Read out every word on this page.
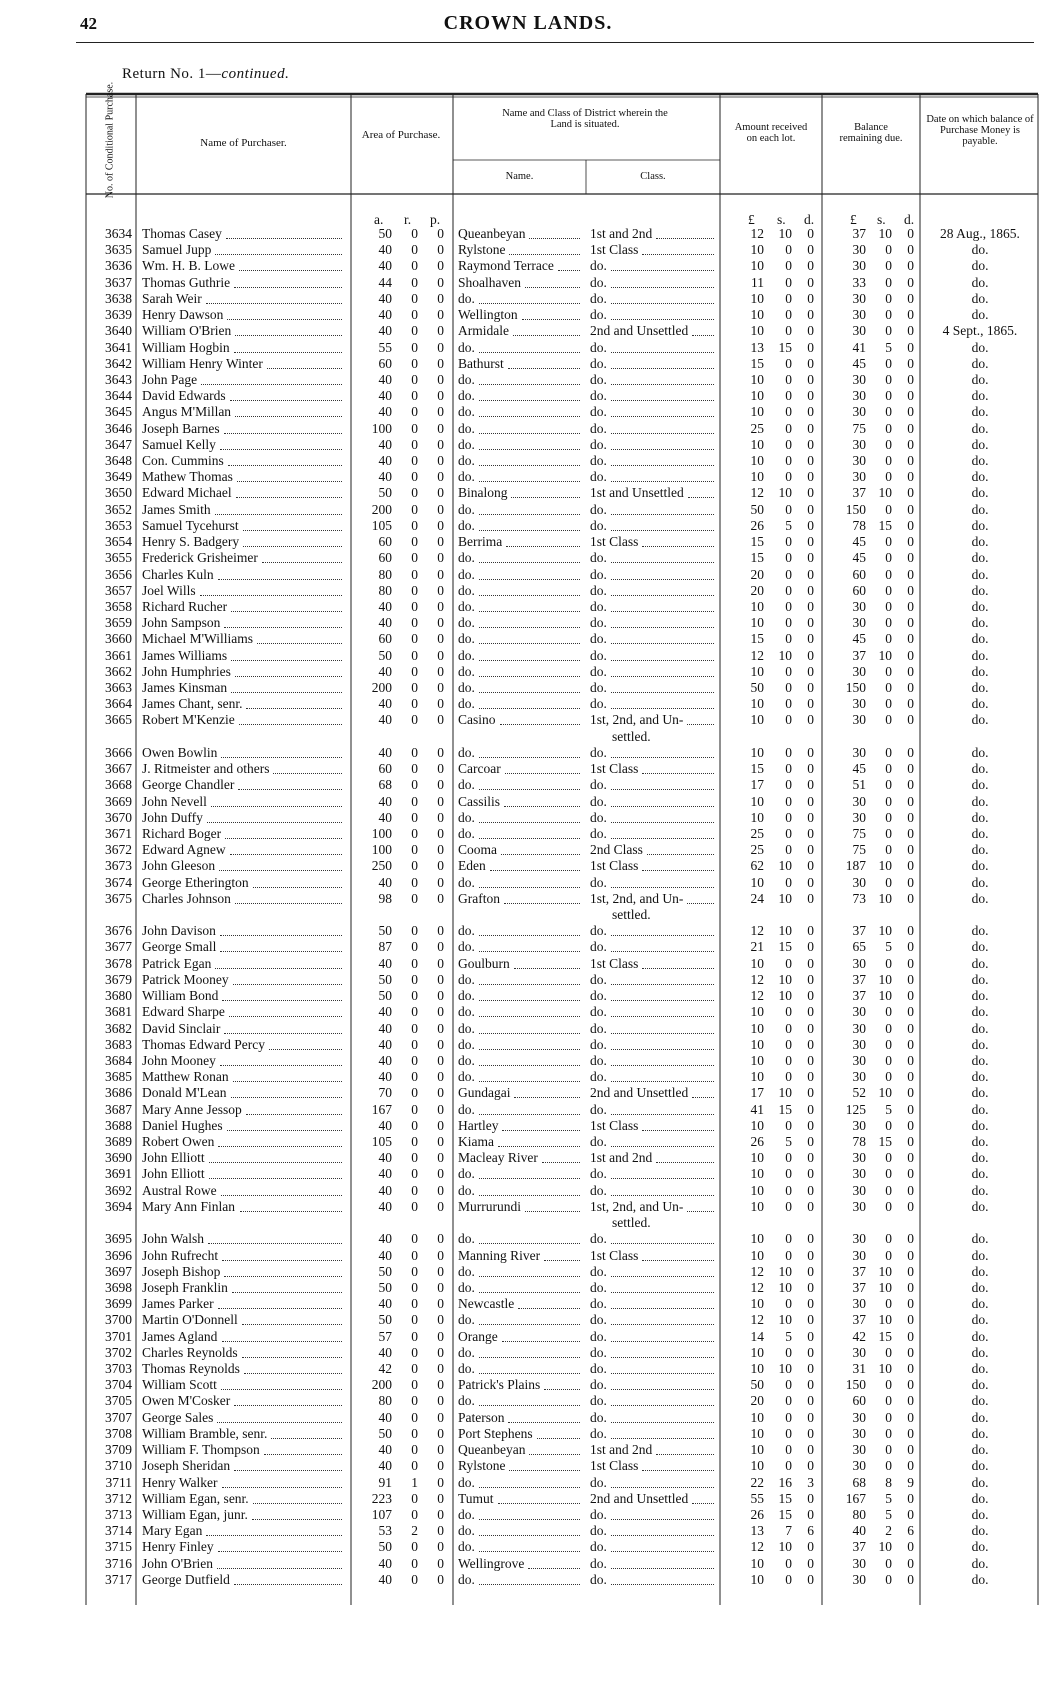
42	CROWN LANDS.
Return No. 1—continued.
No. of Conditional Purchase.	Name of Purchaser.
Area of Purchase.
Name and Class of District wherein the Land is situated.
Name.	Class.
Amount received on each lot.
Balance remaining due.
Date on which balance of Purchase Money is payable.
a. r. p.	£ s. d.	£ s. d.
3634 Thomas Casey	50	0	0 Queanbeyan	1st and 2nd	12	10	0	37 10	0	28 Aug., 1865.
3635 Samuel Jupp	40	0	0 Rylstone	1st Class	10	0	0	30	0	0	do.
3636 Wm. H. B. Lowe	40	0	0 Raymond Terrace	do.	10	0	0	30	0	0	do.
3637 Thomas Guthrie	44	0	0 Shoalhaven	do.	11	0	0	33	0	0	do.
3638 Sarah Weir	40	0	0 do.	do.	10	0	0	30	0	0	do.
3639 Henry Dawson	40	0	0 Wellington	do.	10	0	0	30	0	0	do.
3640 William O'Brien	40	0	0 Armidale	2nd and Unsettled	10	0	0	30	0	0	4 Sept., 1865.
3641 William Hogbin	55	0	0 do.	do.	13	15	0	41	5	0	do.
3642 William Henry Winter	60	0	0 Bathurst	do.	15	0	0	45	0	0	do.
3643 John Page	40	0	0 do.	do.	10	0	0	30	0	0	do.
3644 David Edwards	40	0	0 do.	do.	10	0	0	30	0	0	do.
3645 Angus M'Millan	40	0	0 do.	do.	10	0	0	30	0	0	do.
3646 Joseph Barnes	100	0	0 do.	do.	25	0	0	75	0	0	do.
3647 Samuel Kelly	40	0	0 do.	do.	10	0	0	30	0	0	do.
3648 Con. Cummins	40	0	0 do.	do.	10	0	0	30	0	0	do.
3649 Mathew Thomas	40	0	0 do.	do.	10	0	0	30	0	0	do.
3650 Edward Michael	50	0	0 Binalong	1st and Unsettled	12	10	0	37 10	0	do.
3652 James Smith	200	0	0 do.	do.	50	0	0	150	0	0	do.
3653 Samuel Tycehurst	105	0	0 do.	do.	26	5	0	78 15	0	do.
3654 Henry S. Badgery	60	0	0 Berrima	1st Class	15	0	0	45	0	0	do.
3655 Frederick Grisheimer	60	0	0 do.	do.	15	0	0	45	0	0	do.
3656 Charles Kuln	80	0	0 do.	do.	20	0	0	60	0	0	do.
3657 Joel Wills	80	0	0 do.	do.	20	0	0	60	0	0	do.
3658 Richard Rucher	40	0	0 do.	do.	10	0	0	30	0	0	do.
3659 John Sampson	40	0	0 do.	do.	10	0	0	30	0	0	do.
3660 Michael M'Williams	60	0	0 do.	do.	15	0	0	45	0	0	do.
3661 James Williams	50	0	0 do.	do.	12	10	0	37 10	0	do.
3662 John Humphries	40	0	0 do.	do.	10	0	0	30	0	0	do.
3663 James Kinsman	200	0	0 do.	do.	50	0	0	150	0	0	do.
3664 James Chant, senr.	40	0	0 do.	do.	10	0	0	30	0	0	do.
3665 Robert M'Kenzie	40	0	0 Casino	1st, 2nd, and Un-	10	0	0	30	0	0	do.
settled.
3666 Owen Bowlin	40	0	0 do.	do.	10	0	0	30	0	0	do.
3667 J. Ritmeister and others	60	0	0 Carcoar	1st Class	15	0	0	45	0	0	do.
3668 George Chandler	68	0	0 do.	do.	17	0	0	51	0	0	do.
3669 John Nevell	40	0	0 Cassilis	do.	10	0	0	30	0	0	do.
3670 John Duffy	40	0	0 do.	do.	10	0	0	30	0	0	do.
3671 Richard Boger	100	0	0 do.	do.	25	0	0	75	0	0	do.
3672 Edward Agnew	100	0	0 Cooma	2nd Class	25	0	0	75	0	0	do.
3673 John Gleeson	250	0	0 Eden	1st Class	62	10	0	187 10	0	do.
3674 George Etherington	40	0	0 do.	do.	10	0	0	30	0	0	do.
3675 Charles Johnson	98	0	0 Grafton	1st, 2nd, and Un-	24	10	0	73 10	0	do.
settled.
3676 John Davison	50	0	0 do.	do.	12	10	0	37 10	0	do.
3677 George Small	87	0	0 do.	do.	21	15	0	65	5	0	do.
3678 Patrick Egan	40	0	0 Goulburn	1st Class	10	0	0	30	0	0	do.
3679 Patrick Mooney	50	0	0 do.	do.	12	10	0	37 10	0	do.
3680 William Bond	50	0	0 do.	do.	12	10	0	37 10	0	do.
3681 Edward Sharpe	40	0	0 do.	do.	10	0	0	30	0	0	do.
3682 David Sinclair	40	0	0 do.	do.	10	0	0	30	0	0	do.
3683 Thomas Edward Percy	40	0	0 do.	do.	10	0	0	30	0	0	do.
3684 John Mooney	40	0	0 do.	do.	10	0	0	30	0	0	do.
3685 Matthew Ronan	40	0	0 do.	do.	10	0	0	30	0	0	do.
3686 Donald M'Lean	70	0	0 Gundagai	2nd and Unsettled	17	10	0	52 10	0	do.
3687 Mary Anne Jessop	167	0	0 do.	do.	41	15	0	125	5	0	do.
3688 Daniel Hughes	40	0	0 Hartley	1st Class	10	0	0	30	0	0	do.
3689 Robert Owen	105	0	0 Kiama	do.	26	5	0	78 15	0	do.
3690 John Elliott	40	0	0 Macleay River	1st and 2nd	10	0	0	30	0	0	do.
3691 John Elliott	40	0	0 do.	do.	10	0	0	30	0	0	do.
3692 Austral Rowe	40	0	0 do.	do.	10	0	0	30	0	0	do.
3694 Mary Ann Finlan	40	0	0 Murrurundi	1st, 2nd, and Un-	10	0	0	30	0	0	do.
settled.
3695 John Walsh	40	0	0 do.	do.	10	0	0	30	0	0	do.
3696 John Rufrecht	40	0	0 Manning River	1st Class	10	0	0	30	0	0	do.
3697 Joseph Bishop	50	0	0 do.	do.	12	10	0	37 10	0	do.
3698 Joseph Franklin	50	0	0 do.	do.	12	10	0	37 10	0	do.
3699 James Parker	40	0	0 Newcastle	do.	10	0	0	30	0	0	do.
3700 Martin O'Donnell	50	0	0 do.	do.	12	10	0	37 10	0	do.
3701 James Agland	57	0	0 Orange	do.	14	5	0	42 15	0	do.
3702 Charles Reynolds	40	0	0 do.	do.	10	0	0	30	0	0	do.
3703 Thomas Reynolds	42	0	0 do.	do.	10	10	0	31 10	0	do.
3704 William Scott	200	0	0 Patrick's Plains	do.	50	0	0	150	0	0	do.
3705 Owen M'Cosker	80	0	0 do.	do.	20	0	0	60	0	0	do.
3707 George Sales	40	0	0 Paterson	do.	10	0	0	30	0	0	do.
3708 William Bramble, senr.	50	0	0 Port Stephens	do.	10	0	0	30	0	0	do.
3709 William F. Thompson	40	0	0 Queanbeyan	1st and 2nd	10	0	0	30	0	0	do.
3710 Joseph Sheridan	40	0	0 Rylstone	1st Class	10	0	0	30	0	0	do.
3711 Henry Walker	91	1	0 do.	do.	22	16	3	68	8	9	do.
3712 William Egan, senr.	223	0	0 Tumut	2nd and Unsettled	55	15	0	167	5	0	do.
3713 William Egan, junr.	107	0	0 do.	do.	26	15	0	80	5	0	do.
3714 Mary Egan	53	2	0 do.	do.	13	7	6	40	2	6	do.
3715 Henry Finley	50	0	0 do.	do.	12	10	0	37 10	0	do.
3716 John O'Brien	40	0	0 Wellingrove	do.	10	0	0	30	0	0	do.
3717 George Dutfield	40	0	0 do.	do.	10	0	0	30	0	0	do.
